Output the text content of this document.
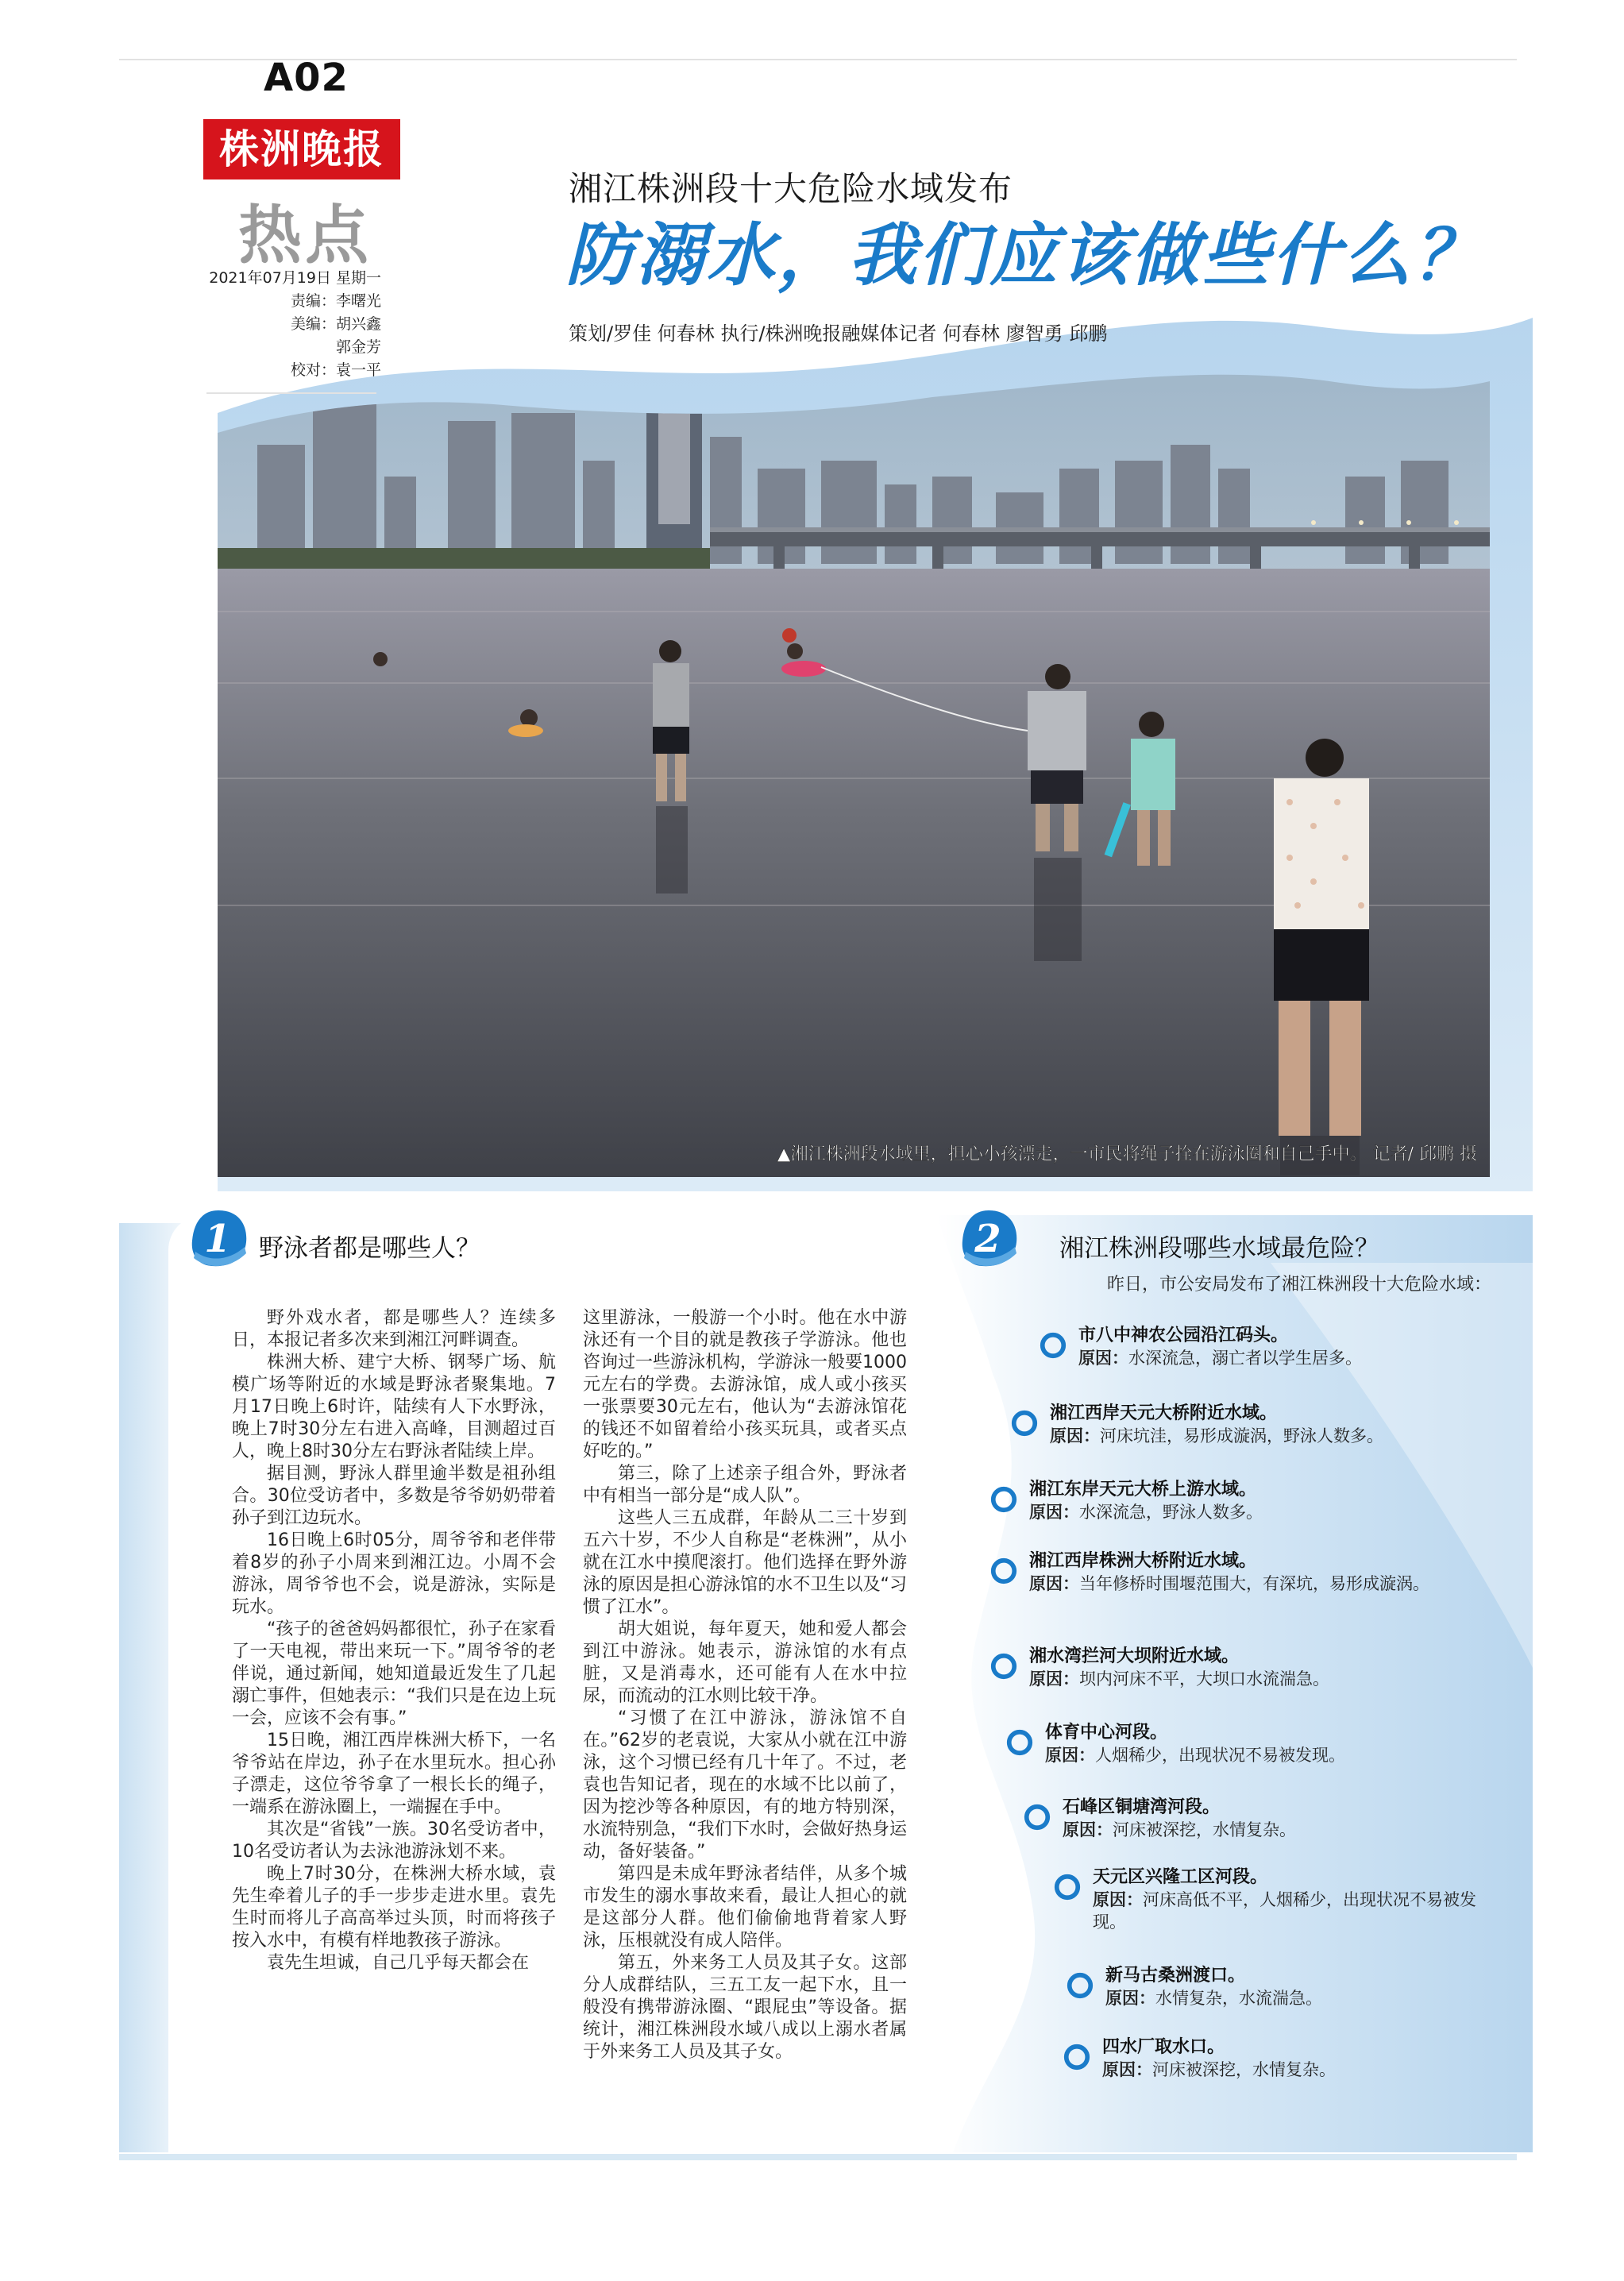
A02
株洲晚报
热点
2021年07月19日 星期一
责编：李曙光
美编：胡兴鑫
郭金芳
校对：袁一平
湘江株洲段十大危险水域发布
防溺水，我们应该做些什么？
策划/罗佳 何春林 执行/株洲晚报融媒体记者 何春林 廖智勇 邱鹏
▲湘江株洲段水域里，担心小孩漂走，一市民将绳子拴在游泳圈和自己手中。 记者/ 邱鹏 摄
1 野泳者都是哪些人？

野外戏水者，都是哪些人？连续多日，本报记者多次来到湘江河畔调查。

株洲大桥、建宁大桥、钢琴广场、航模广场等附近的水域是野泳者聚集地。7月17日晚上6时许，陆续有人下水野泳，晚上7时30分左右进入高峰，目测超过百人，晚上8时30分左右野泳者陆续上岸。

据目测，野泳人群里逾半数是祖孙组合。30位受访者中，多数是爷爷奶奶带着孙子到江边玩水。

16日晚上6时05分，周爷爷和老伴带着8岁的孙子小周来到湘江边。小周不会游泳，周爷爷也不会，说是游泳，实际是玩水。

“孩子的爸爸妈妈都很忙，孙子在家看了一天电视，带出来玩一下。”周爷爷的老伴说，通过新闻，她知道最近发生了几起溺亡事件，但她表示：“我们只是在边上玩一会，应该不会有事。”

15日晚，湘江西岸株洲大桥下，一名爷爷站在岸边，孙子在水里玩水。担心孙子漂走，这位爷爷拿了一根长长的绳子，一端系在游泳圈上，一端握在手中。

其次是“省钱”一族。30名受访者中，10名受访者认为去泳池游泳划不来。

晚上7时30分，在株洲大桥水域，袁先生牵着儿子的手一步步走进水里。袁先生时而将儿子高高举过头顶，时而将孩子按入水中，有模有样地教孩子游泳。

袁先生坦诚，自己几乎每天都会在

这里游泳，一般游一个小时。他在水中游泳还有一个目的就是教孩子学游泳。他也咨询过一些游泳机构，学游泳一般要1000元左右的学费。去游泳馆，成人或小孩买一张票要30元左右，他认为“去游泳馆花的钱还不如留着给小孩买玩具，或者买点好吃的。”

第三，除了上述亲子组合外，野泳者中有相当一部分是“成人队”。

这些人三五成群，年龄从二三十岁到五六十岁，不少人自称是“老株洲”，从小就在江水中摸爬滚打。他们选择在野外游泳的原因是担心游泳馆的水不卫生以及“习惯了江水”。

胡大姐说，每年夏天，她和爱人都会到江中游泳。她表示，游泳馆的水有点脏，又是消毒水，还可能有人在水中拉尿，而流动的江水则比较干净。

“习惯了在江中游泳，游泳馆不自在。”62岁的老袁说，大家从小就在江中游泳，这个习惯已经有几十年了。不过，老袁也告知记者，现在的水域不比以前了，因为挖沙等各种原因，有的地方特别深，水流特别急，“我们下水时，会做好热身运动，备好装备。”

第四是未成年野泳者结伴，从多个城市发生的溺水事故来看，最让人担心的就是这部分人群。他们偷偷地背着家人野泳，压根就没有成人陪伴。

第五，外来务工人员及其子女。这部分人成群结队，三五工友一起下水，且一般没有携带游泳圈、“跟屁虫”等设备。据统计，湘江株洲段水域八成以上溺水者属于外来务工人员及其子女。

2 湘江株洲段哪些水域最危险？
昨日，市公安局发布了湘江株洲段十大危险水域：
市八中神农公园沿江码头。
原因：水深流急，溺亡者以学生居多。
湘江西岸天元大桥附近水域。
原因：河床坑洼，易形成漩涡，野泳人数多。
湘江东岸天元大桥上游水域。
原因：水深流急，野泳人数多。
湘江西岸株洲大桥附近水域。
原因：当年修桥时围堰范围大，有深坑，易形成漩涡。
湘水湾拦河大坝附近水域。
原因：坝内河床不平，大坝口水流湍急。
体育中心河段。
原因：人烟稀少，出现状况不易被发现。
石峰区铜塘湾河段。
原因：河床被深挖，水情复杂。
天元区兴隆工区河段。
原因：河床高低不平，人烟稀少，出现状况不易被发现。
新马古桑洲渡口。
原因：水情复杂，水流湍急。
四水厂取水口。
原因：河床被深挖，水情复杂。
